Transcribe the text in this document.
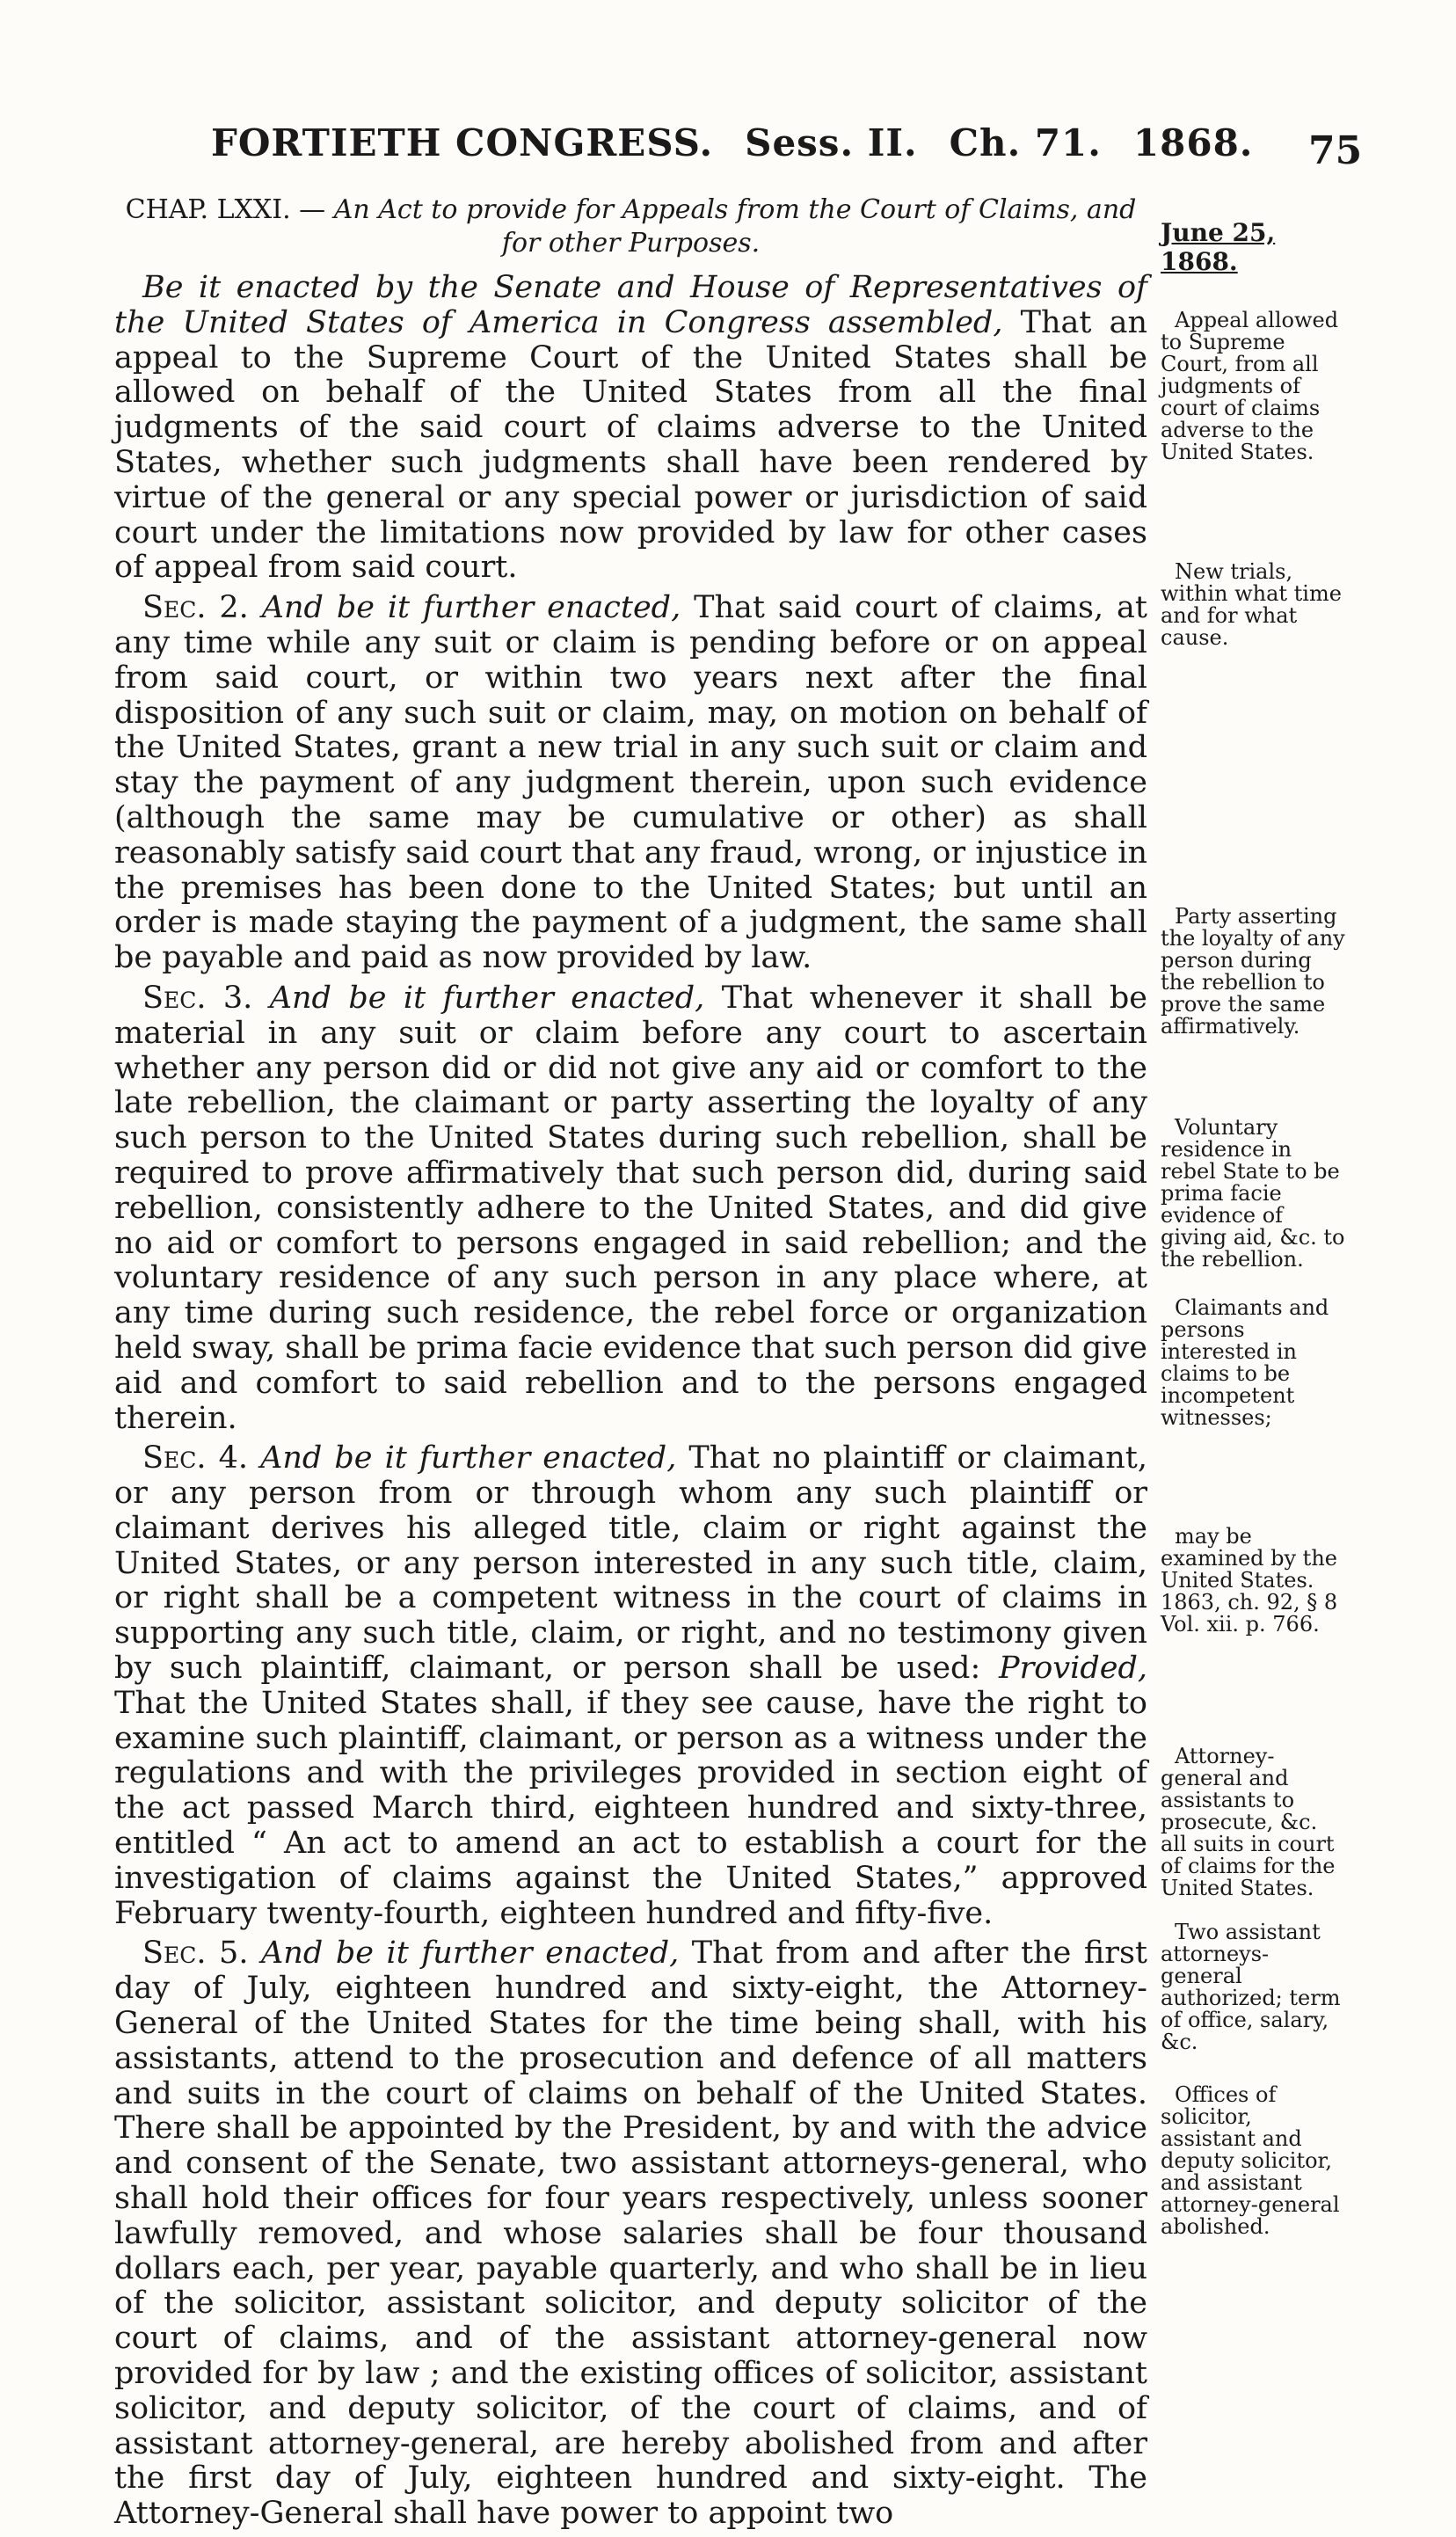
FORTIETH CONGRESS. Sess. II. Ch. 71. 1868. 75
CHAP. LXXI. — An Act to provide for Appeals from the Court of Claims, and for other Purposes.	June 25, 1868.

Be it enacted by the Senate and House of Representatives of the United States of America in Congress assembled, That an appeal to the Supreme Court of the United States shall be allowed on behalf of the United States from all the final judgments of the said court of claims adverse to the United States, whether such judgments shall have been rendered by virtue of the general or any special power or jurisdiction of said court under the limitations now provided by law for other cases of appeal from said court.

Sec. 2. And be it further enacted, That said court of claims, at any time while any suit or claim is pending before or on appeal from said court, or within two years next after the final disposition of any such suit or claim, may, on motion on behalf of the United States, grant a new trial in any such suit or claim and stay the payment of any judgment therein, upon such evidence (although the same may be cumulative or other) as shall reasonably satisfy said court that any fraud, wrong, or injustice in the premises has been done to the United States; but until an order is made staying the payment of a judgment, the same shall be payable and paid as now provided by law.

Sec. 3. And be it further enacted, That whenever it shall be material in any suit or claim before any court to ascertain whether any person did or did not give any aid or comfort to the late rebellion, the claimant or party asserting the loyalty of any such person to the United States during such rebellion, shall be required to prove affirmatively that such person did, during said rebellion, consistently adhere to the United States, and did give no aid or comfort to persons engaged in said rebellion; and the voluntary residence of any such person in any place where, at any time during such residence, the rebel force or organization held sway, shall be prima facie evidence that such person did give aid and comfort to said rebellion and to the persons engaged therein.

Sec. 4. And be it further enacted, That no plaintiff or claimant, or any person from or through whom any such plaintiff or claimant derives his alleged title, claim or right against the United States, or any person interested in any such title, claim, or right shall be a competent witness in the court of claims in supporting any such title, claim, or right, and no testimony given by such plaintiff, claimant, or person shall be used: Provided, That the United States shall, if they see cause, have the right to examine such plaintiff, claimant, or person as a witness under the regulations and with the privileges provided in section eight of the act passed March third, eighteen hundred and sixty-three, entitled “ An act to amend an act to establish a court for the investigation of claims against the United States,” approved February twenty-fourth, eighteen hundred and fifty-five.

Sec. 5. And be it further enacted, That from and after the first day of July, eighteen hundred and sixty-eight, the Attorney-General of the United States for the time being shall, with his assistants, attend to the prosecution and defence of all matters and suits in the court of claims on behalf of the United States. There shall be appointed by the President, by and with the advice and consent of the Senate, two assistant attorneys-general, who shall hold their offices for four years respectively, unless sooner lawfully removed, and whose salaries shall be four thousand dollars each, per year, payable quarterly, and who shall be in lieu of the solicitor, assistant solicitor, and deputy solicitor of the court of claims, and of the assistant attorney-general now provided for by law ; and the existing offices of solicitor, assistant solicitor, and deputy solicitor, of the court of claims, and of assistant attorney-general, are hereby abolished from and after the first day of July, eighteen hundred and sixty-eight. The Attorney-General shall have power to appoint two

Appeal allowed to Supreme Court, from all judgments of court of claims adverse to the United States.
New trials, within what time and for what cause.
Party asserting the loyalty of any person during the rebellion to prove the same affirmatively.
Voluntary residence in rebel State to be prima facie evidence of giving aid, &c. to the rebellion.
Claimants and persons interested in claims to be incompetent witnesses;
may be examined by the United States. 1863, ch. 92, § 8 Vol. xii. p. 766.
Attorney-general and assistants to prosecute, &c. all suits in court of claims for the United States.
Two assistant attorneys-general authorized; term of office, salary, &c.
Offices of solicitor, assistant and deputy solicitor, and assistant attorney-general abolished.
